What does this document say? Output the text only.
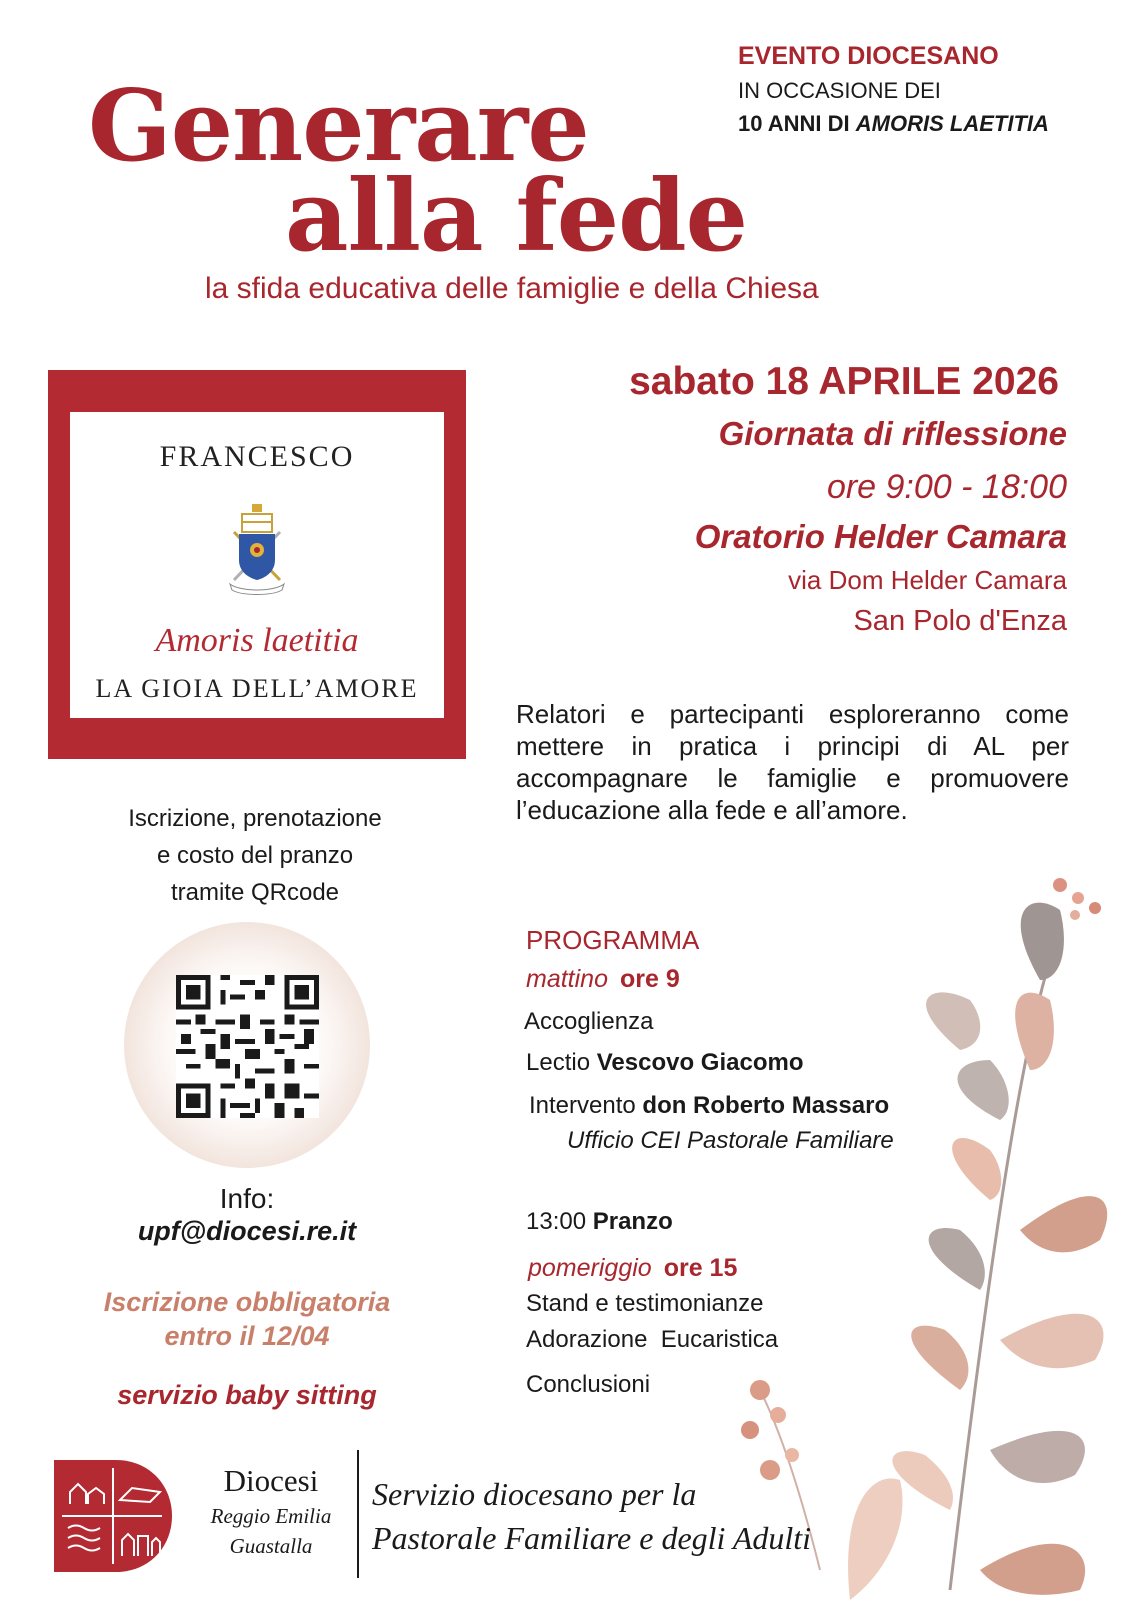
Generare
alla fede
la sfida educativa delle famiglie e della Chiesa
EVENTO DIOCESANO
IN OCCASIONE DEI
10 ANNI DI AMORIS LAETITIA
FRANCESCO
Amoris laetitia
LA GIOIA DELL’AMORE
Iscrizione, prenotazione
e costo del pranzo
tramite QRcode
Info:
upf@diocesi.re.it
Iscrizione obbligatoria
entro il 12/04
servizio baby sitting
sabato 18 APRILE 2026
Giornata di riflessione
ore 9:00 - 18:00
Oratorio Helder Camara
via Dom Helder Camara
San Polo d'Enza
Relatori e partecipanti esploreranno come mettere in pratica i principi di AL per accompagnare le famiglie e promuovere l’educazione alla fede e all’amore.
PROGRAMMA
mattino ore 9
Accoglienza
Lectio Vescovo Giacomo
Intervento don Roberto Massaro
Ufficio CEI Pastorale Familiare
13:00 Pranzo
pomeriggio ore 15
Stand e testimonianze
Adorazione  Eucaristica
Conclusioni
Diocesi
Reggio Emilia
Guastalla
Servizio diocesano per la
Pastorale Familiare e degli Adulti
